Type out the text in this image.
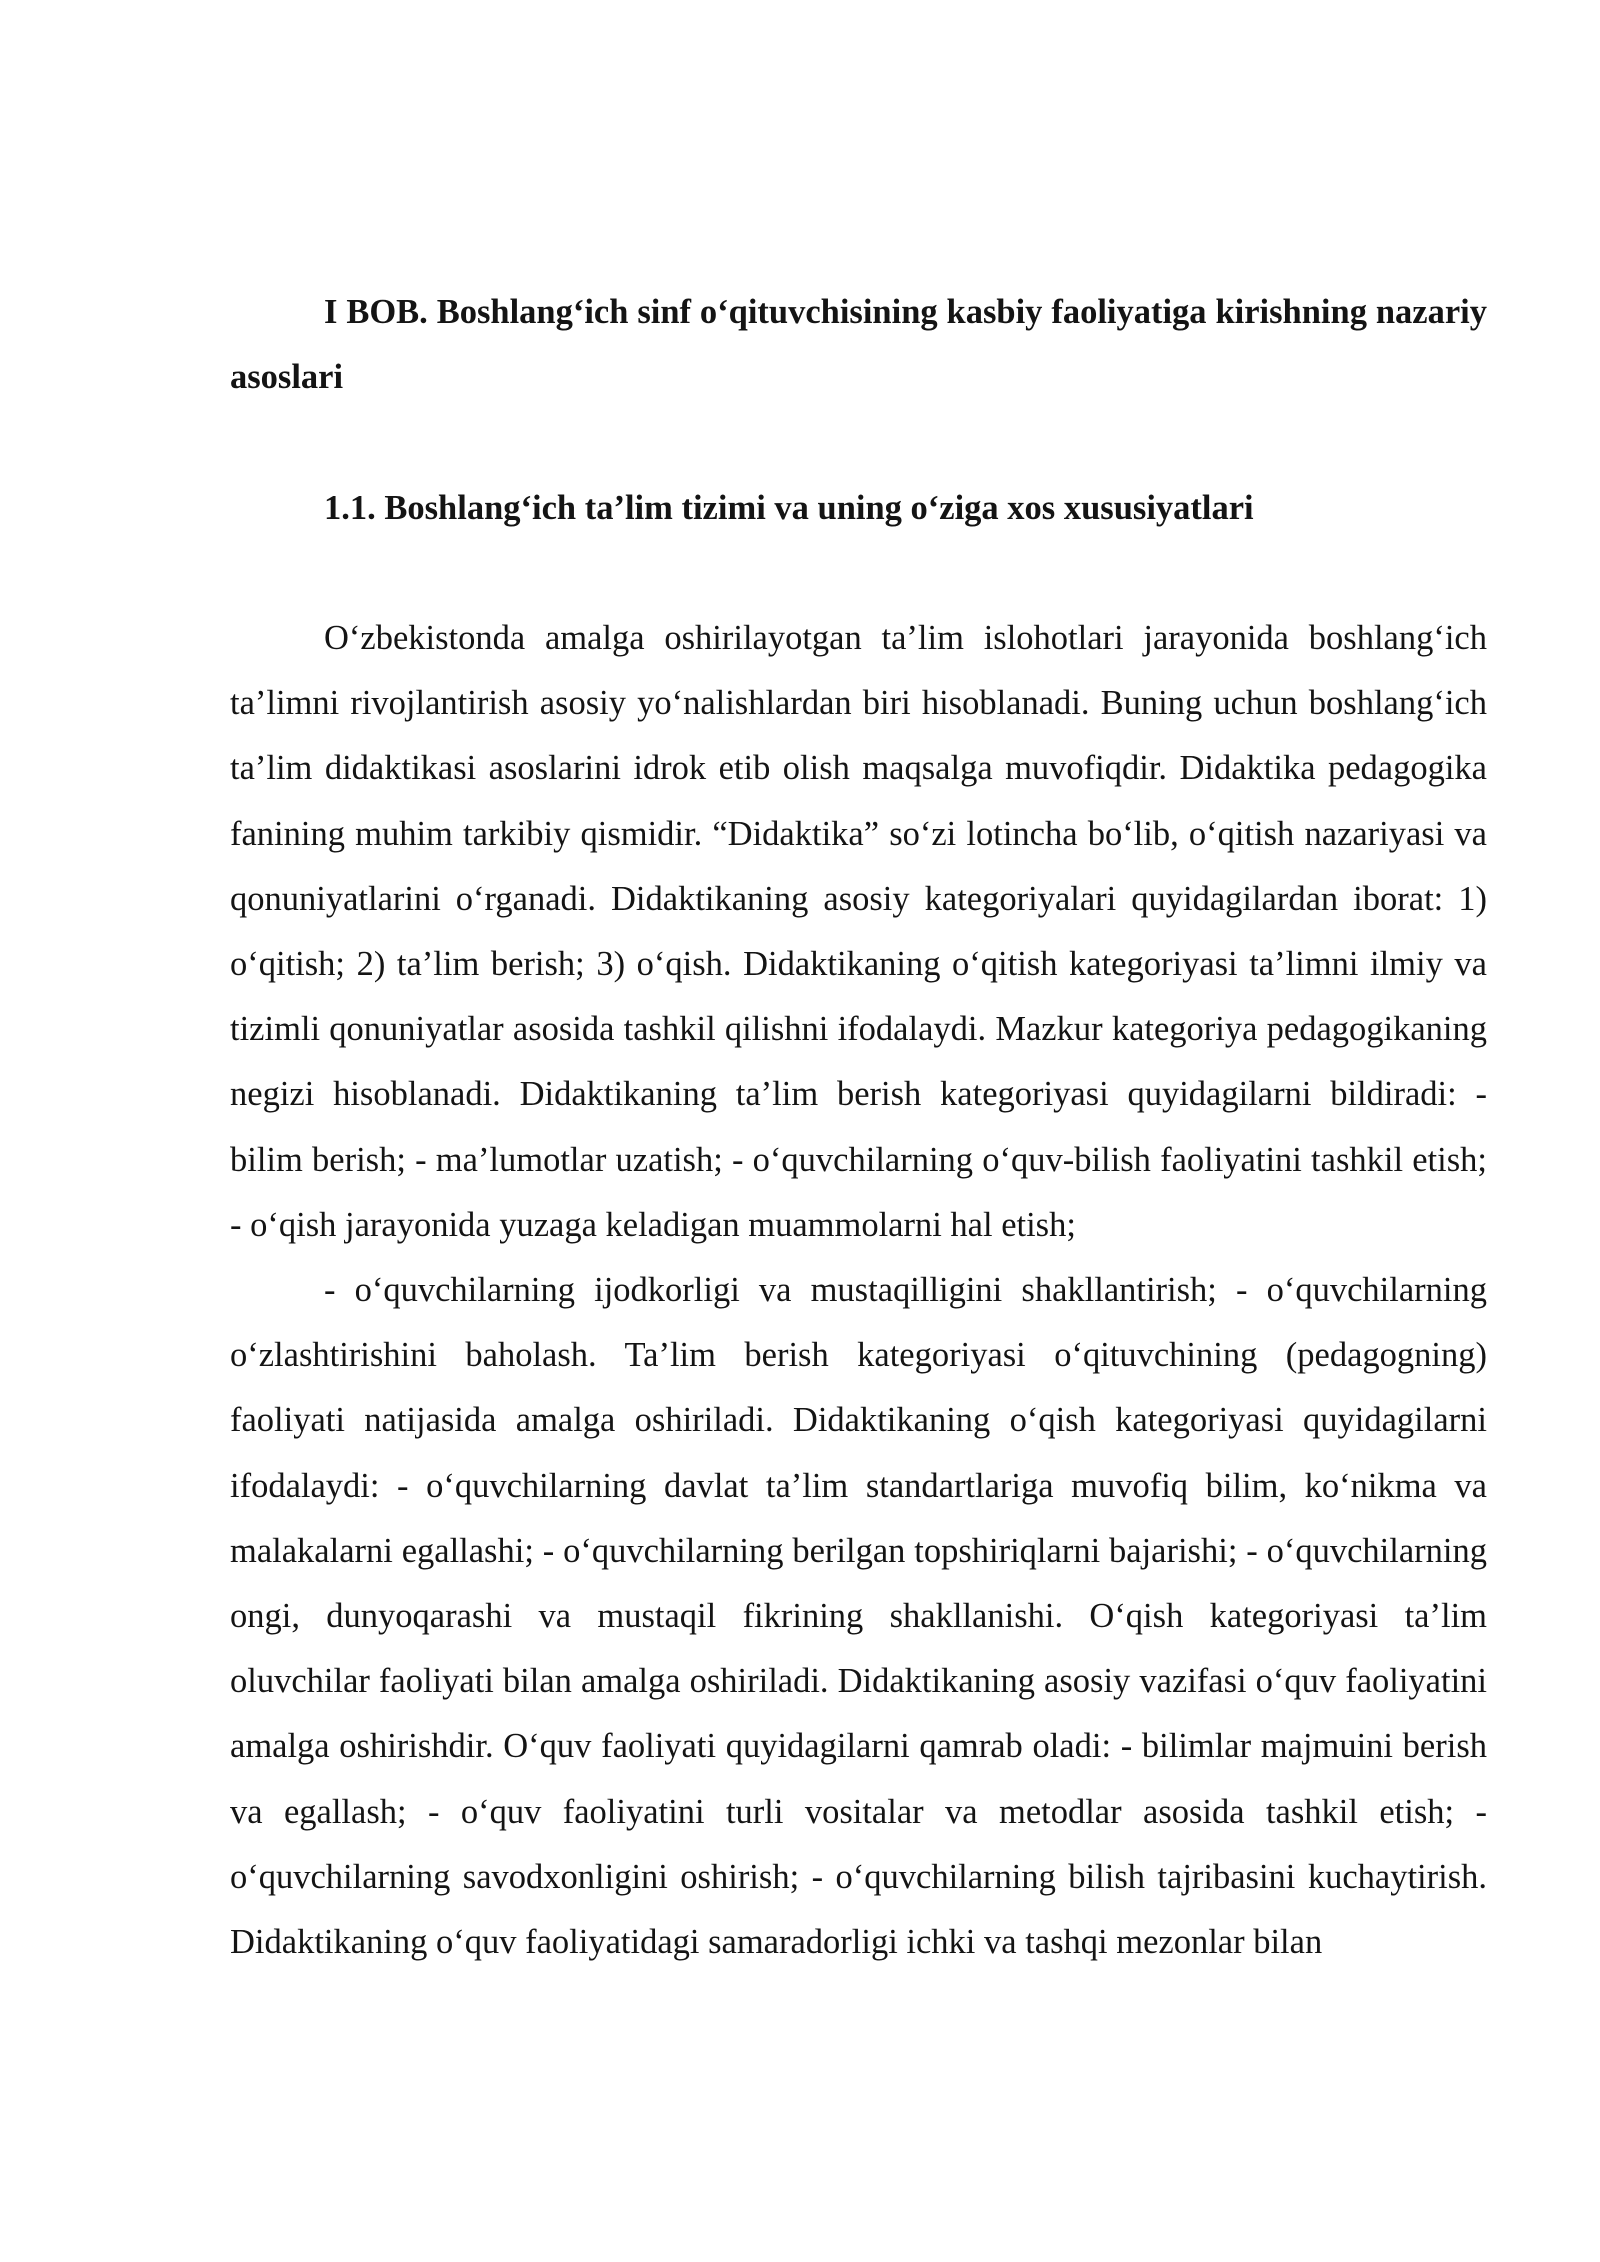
I BOB. Boshlang‘ich sinf o‘qituvchisining kasbiy faoliyatiga kirishning nazariy asoslari
1.1. Boshlang‘ich ta’lim tizimi va uning o‘ziga xos xususiyatlari

O‘zbekistonda amalga oshirilayotgan ta’lim islohotlari jarayonida boshlang‘ich ta’limni rivojlantirish asosiy yo‘nalishlardan biri hisoblanadi. Buning uchun boshlang‘ich ta’lim didaktikasi asoslarini idrok etib olish maqsalga muvofiqdir. Didaktika pedagogika fanining muhim tarkibiy qismidir. “Didaktika” so‘zi lotincha bo‘lib, o‘qitish nazariyasi va qonuniyatlarini o‘rganadi. Didaktikaning asosiy kategoriyalari quyidagilardan iborat: 1) o‘qitish; 2) ta’lim berish; 3) o‘qish. Didaktikaning o‘qitish kategoriyasi ta’limni ilmiy va tizimli qonuniyatlar asosida tashkil qilishni ifodalaydi. Mazkur kategoriya pedagogikaning negizi hisoblanadi. Didaktikaning ta’lim berish kategoriyasi quyidagilarni bildiradi: - bilim berish; - ma’lumotlar uzatish; - o‘quvchilarning o‘quv-bilish faoliyatini tashkil etish; - o‘qish jarayonida yuzaga keladigan muammolarni hal etish;

- o‘quvchilarning ijodkorligi va mustaqilligini shakllantirish; - o‘quvchilarning o‘zlashtirishini baholash. Ta’lim berish kategoriyasi o‘qituvchining (pedagogning) faoliyati natijasida amalga oshiriladi. Didaktikaning o‘qish kategoriyasi quyidagilarni ifodalaydi: - o‘quvchilarning davlat ta’lim standartlariga muvofiq bilim, ko‘nikma va malakalarni egallashi; - o‘quvchilarning berilgan topshiriqlarni bajarishi; - o‘quvchilarning ongi, dunyoqarashi va mustaqil fikrining shakllanishi. O‘qish kategoriyasi ta’lim oluvchilar faoliyati bilan amalga oshiriladi. Didaktikaning asosiy vazifasi o‘quv faoliyatini amalga oshirishdir. O‘quv faoliyati quyidagilarni qamrab oladi: - bilimlar majmuini berish va egallash; - o‘quv faoliyatini turli vositalar va metodlar asosida tashkil etish; - o‘quvchilarning savodxonligini oshirish; - o‘quvchilarning bilish tajribasini kuchaytirish. Didaktikaning o‘quv faoliyatidagi samaradorligi ichki va tashqi mezonlar bilan
